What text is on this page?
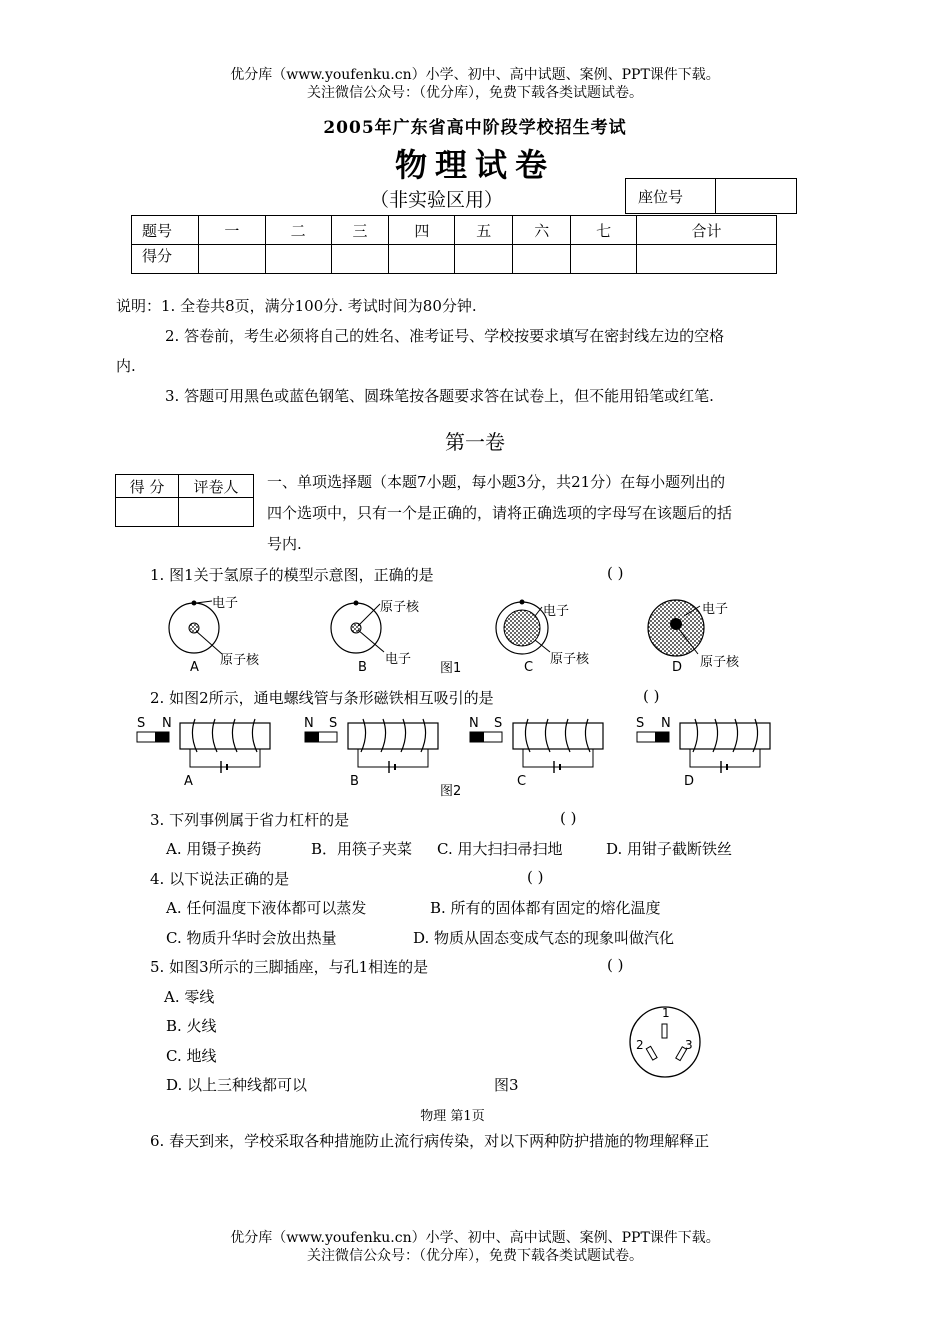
优分库（www.youfenku.cn）小学、初中、高中试题、案例、PPT课件下载。
关注微信公众号：（优分库），免费下载各类试题试卷。
2005年广东省高中阶段学校招生考试
物理试卷
（非实验区用）	座位号	
题号	一	二	三	四	五	六	七	合计
得分								
说明：1. 全卷共8页，满分100分. 考试时间为80分钟.
2. 答卷前，考生必须将自己的姓名、准考证号、学校按要求填写在密封线左边的空格
内.
3. 答题可用黑色或蓝色钢笔、圆珠笔按各题要求答在试卷上，但不能用铅笔或红笔.
第一卷
得 分	评卷人
	一、单项选择题（本题7小题，每小题3分，共21分）在每小题列出的
四个选项中，只有一个是正确的，请将正确选项的字母写在该题后的括
号内.
1. 图1关于氢原子的模型示意图，正确的是	( )
电子
原子核
A
原子核
电子
B	图1
电子
原子核
C
电子
原子核
D
2. 如图2所示，通电螺线管与条形磁铁相互吸引的是	( )
S N	N S	N S	S N
A	B	C	D
图2
3. 下列事例属于省力杠杆的是	( )
A. 用镊子换药	B．用筷子夹菜 C. 用大扫扫帚扫地	D. 用钳子截断铁丝
4. 以下说法正确的是	( )
A. 任何温度下液体都可以蒸发	B. 所有的固体都有固定的熔化温度
C. 物质升华时会放出热量	D. 物质从固态变成气态的现象叫做汽化
5. 如图3所示的三脚插座，与孔1相连的是	( )
A. 零线
B. 火线
C. 地线
D. 以上三种线都可以	图3
1
2	3
物理 第1页
6. 春天到来，学校采取各种措施防止流行病传染，对以下两种防护措施的物理解释正
优分库（www.youfenku.cn）小学、初中、高中试题、案例、PPT课件下载。
关注微信公众号：（优分库），免费下载各类试题试卷。
